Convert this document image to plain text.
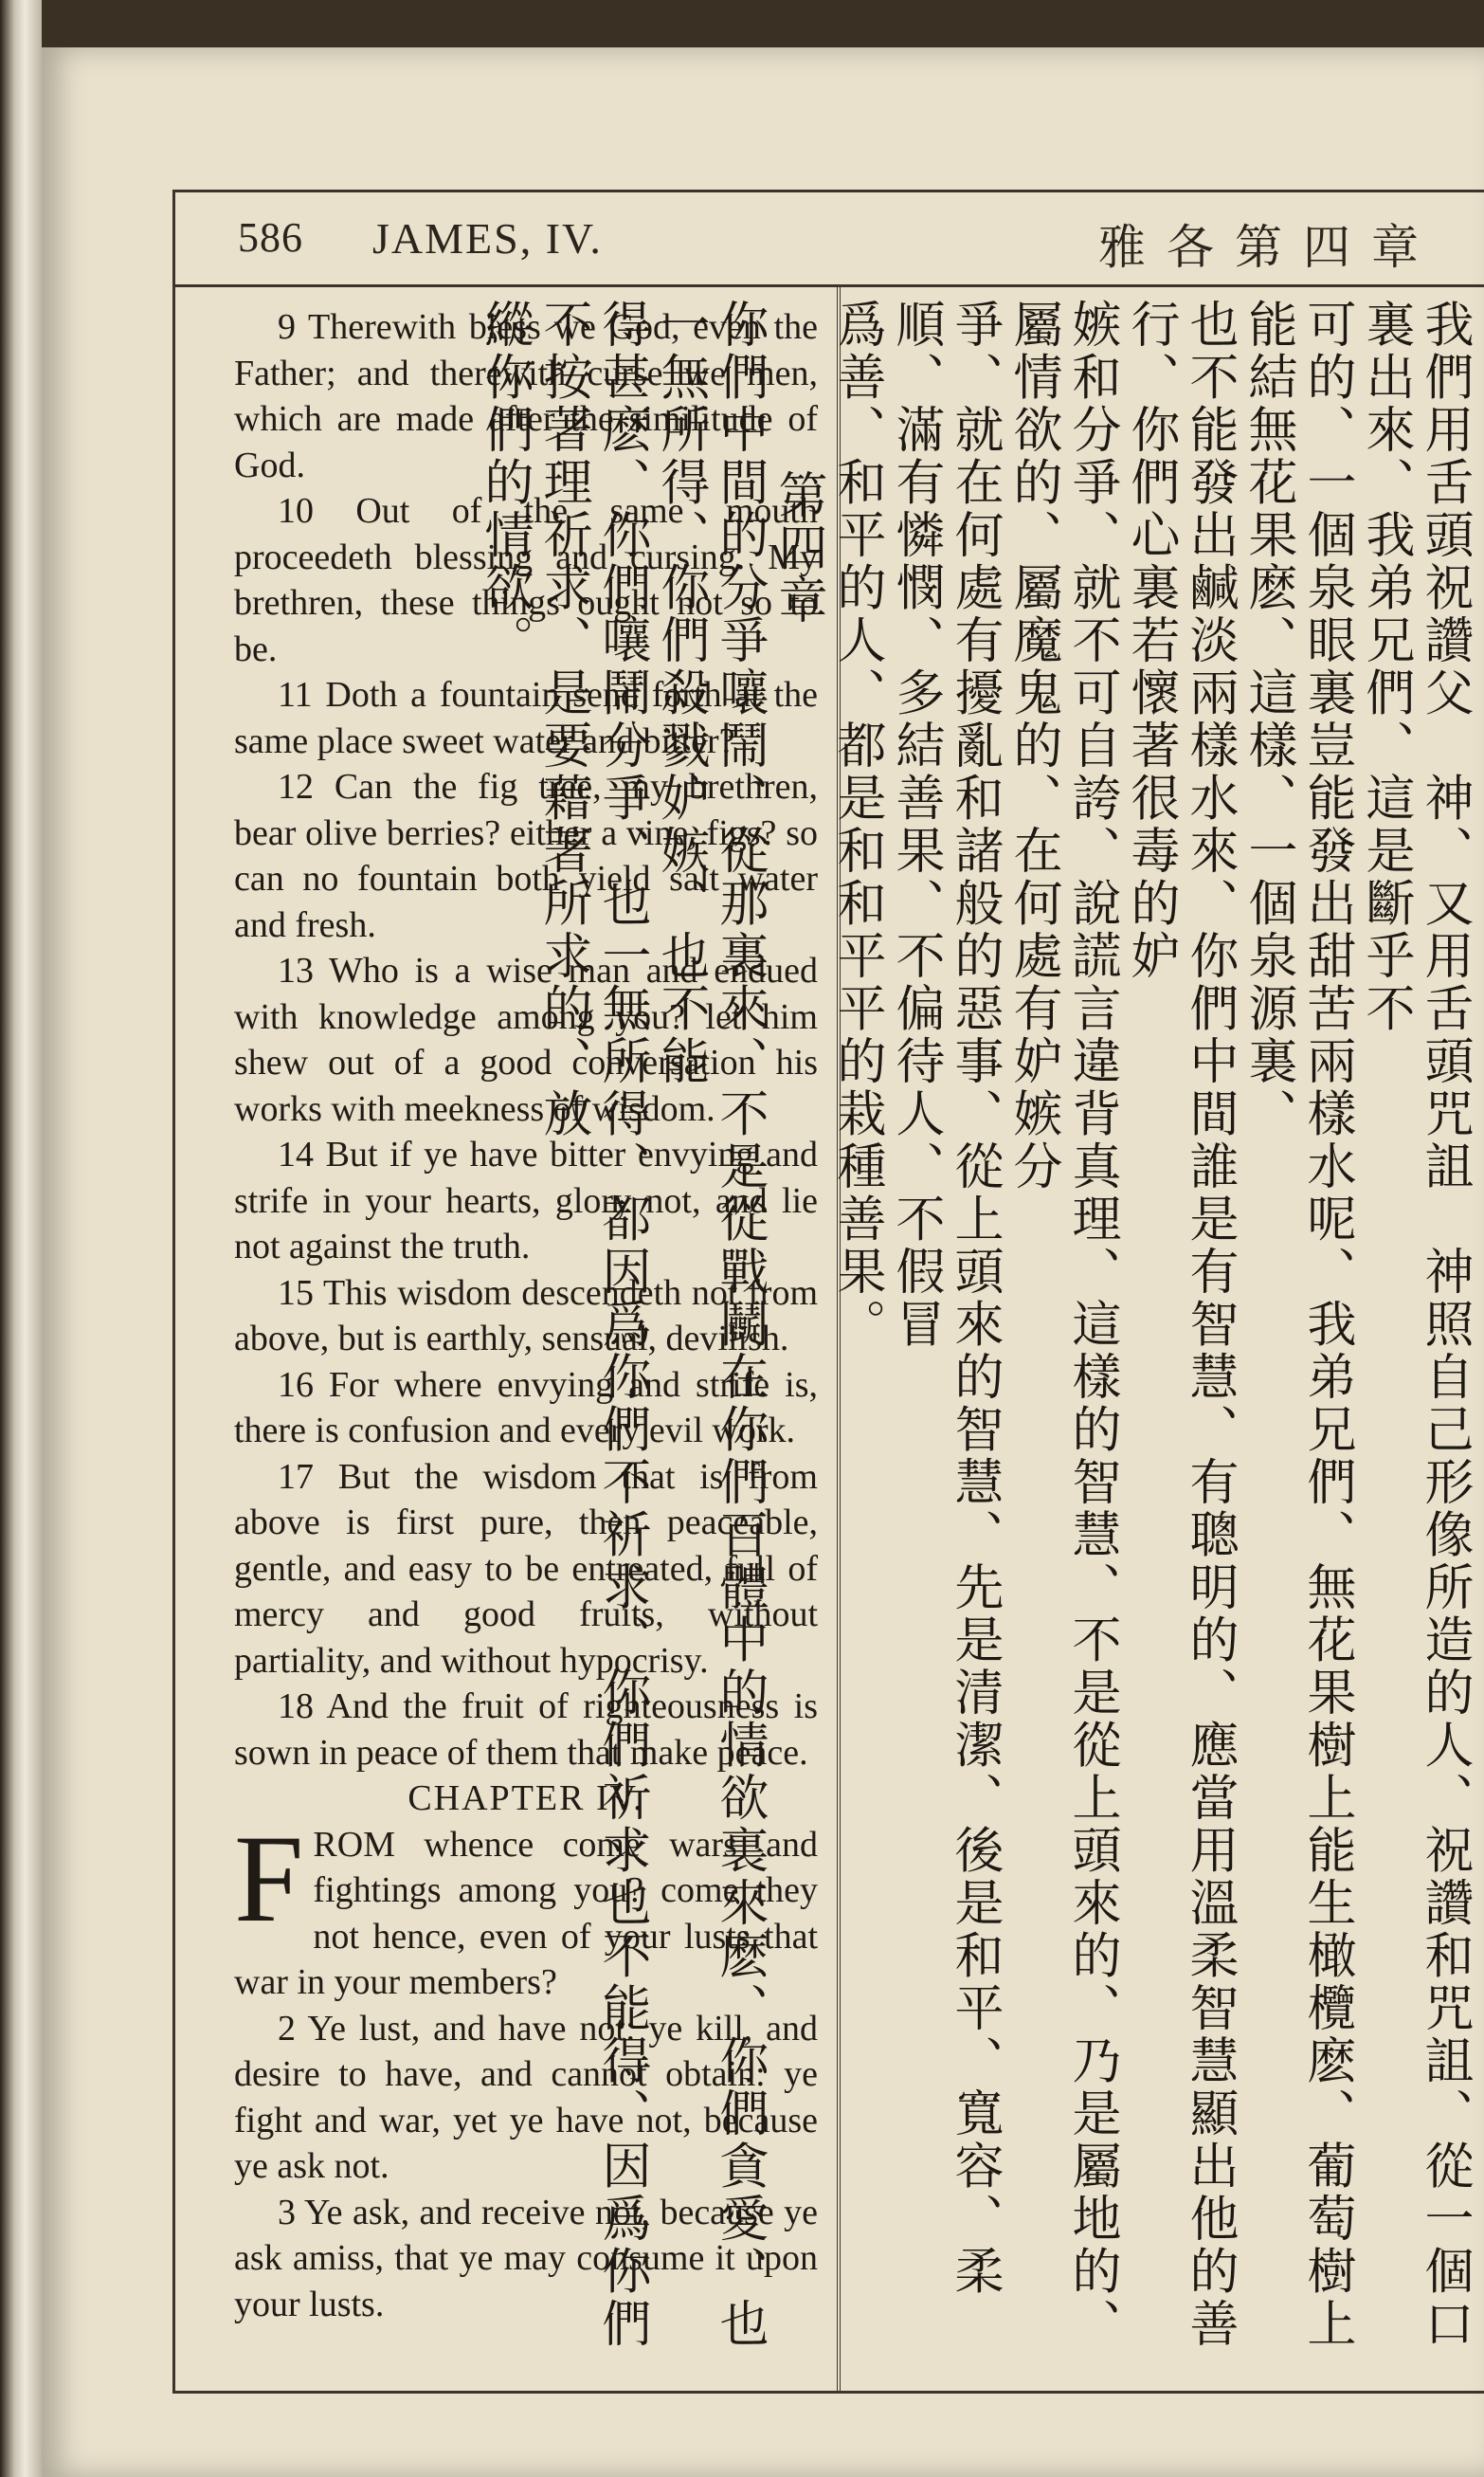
586 JAMES, IV.	雅各第四章

9 Therewith bless we God, even the Father; and therewith curse we men, which are made after the similitude of God.

10 Out of the same mouth proceedeth blessing and cursing. My brethren, these things ought not so to be.

11 Doth a fountain send forth at the same place sweet water and bitter?

12 Can the fig tree, my brethren, bear olive berries? either a vine, figs? so can no fountain both yield salt water and fresh.

13 Who is a wise man and endued with knowledge among you? let him shew out of a good conversation his works with meekness of wisdom.

14 But if ye have bitter envying and strife in your hearts, glory not, and lie not against the truth.

15 This wisdom descendeth not from above, but is earthly, sensual, devilish.

16 For where envying and strife is, there is confusion and every evil work.

17 But the wisdom that is from above is first pure, then peaceable, gentle, and easy to be entreated, full of mercy and good fruits, without partiality, and without hypocrisy.

18 And the fruit of righteousness is sown in peace of them that make peace.

CHAPTER IV.

FROM whence come wars and fightings among you? come they not hence, even of your lusts that war in your members?

2 Ye lust, and have not: ye kill, and desire to have, and cannot obtain: ye fight and war, yet ye have not, because ye ask not.

3 Ye ask, and receive not, because ye ask amiss, that ye may consume it upon your lusts.	我們用舌頭祝讚父　神、又用舌頭咒詛　神照自己形像所造的人、祝讚和咒詛、從一個口裏出來、我弟兄們、這是斷乎不
可的、一個泉眼裏豈能發出甜苦兩樣水呢、我弟兄們、無花果樹上能生橄欖麽、葡萄樹上能結無花果麽、這樣、一個泉源裏、
也不能發出鹹淡兩樣水來、你們中間誰是有智慧、有聰明的、應當用溫柔智慧顯出他的善行、你們心裏若懷著很毒的妒
嫉和分爭、就不可自誇、說謊言違背真理、這樣的智慧、不是從上頭來的、乃是屬地的、屬情欲的、屬魔鬼的、在何處有妒嫉分
爭、就在何處有擾亂和諸般的惡事、從上頭來的智慧、先是清潔、後是和平、寬容、柔順、滿有憐憫、多結善果、不偏待人、不假冒
爲善、和平的人、都是和和平平的栽種善果。
第四章
你們中間的分爭嚷鬧、從那裏來、不是從戰鬭在你們百體中的情欲裏來麽、你們貪愛、也一無所得、你們殺戮妒嫉、也不能
得甚麽、你們嚷鬧分爭、也一無所得、都因爲你們不祈求、你們祈求也不能得、因爲你們不按著理祈求、是要藉著所求的、放
縱你們的情欲。
